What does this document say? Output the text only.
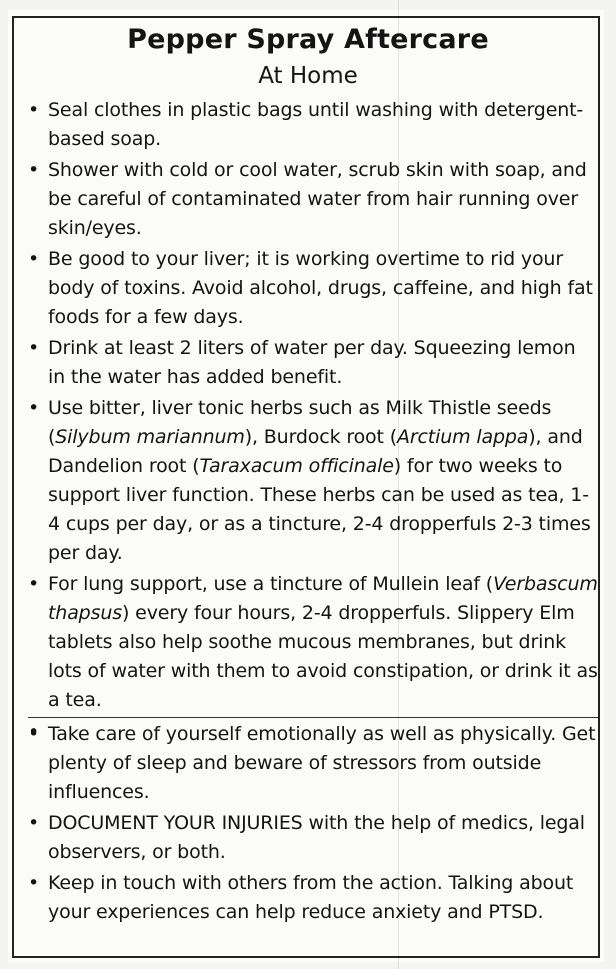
Pepper Spray Aftercare
At Home
• Seal clothes in plastic bags until washing with detergent-based soap.
• Shower with cold or cool water, scrub skin with soap, and be careful of contaminated water from hair running over skin/eyes.
• Be good to your liver; it is working overtime to rid your body of toxins. Avoid alcohol, drugs, caffeine, and high fat foods for a few days.
• Drink at least 2 liters of water per day. Squeezing lemon in the water has added benefit.
• Use bitter, liver tonic herbs such as Milk Thistle seeds (Silybum mariannum), Burdock root (Arctium lappa), and Dandelion root (Taraxacum officinale) for two weeks to support liver function. These herbs can be used as tea, 1-4 cups per day, or as a tincture, 2-4 dropperfuls 2-3 times per day.
• For lung support, use a tincture of Mullein leaf (Verbascum thapsus) every four hours, 2-4 dropperfuls. Slippery Elm tablets also help soothe mucous membranes, but drink lots of water with them to avoid constipation, or drink it as a tea.
•
• Take care of yourself emotionally as well as physically. Get plenty of sleep and beware of stressors from outside influences.
• DOCUMENT YOUR INJURIES with the help of medics, legal observers, or both.
• Keep in touch with others from the action. Talking about your experiences can help reduce anxiety and PTSD.
